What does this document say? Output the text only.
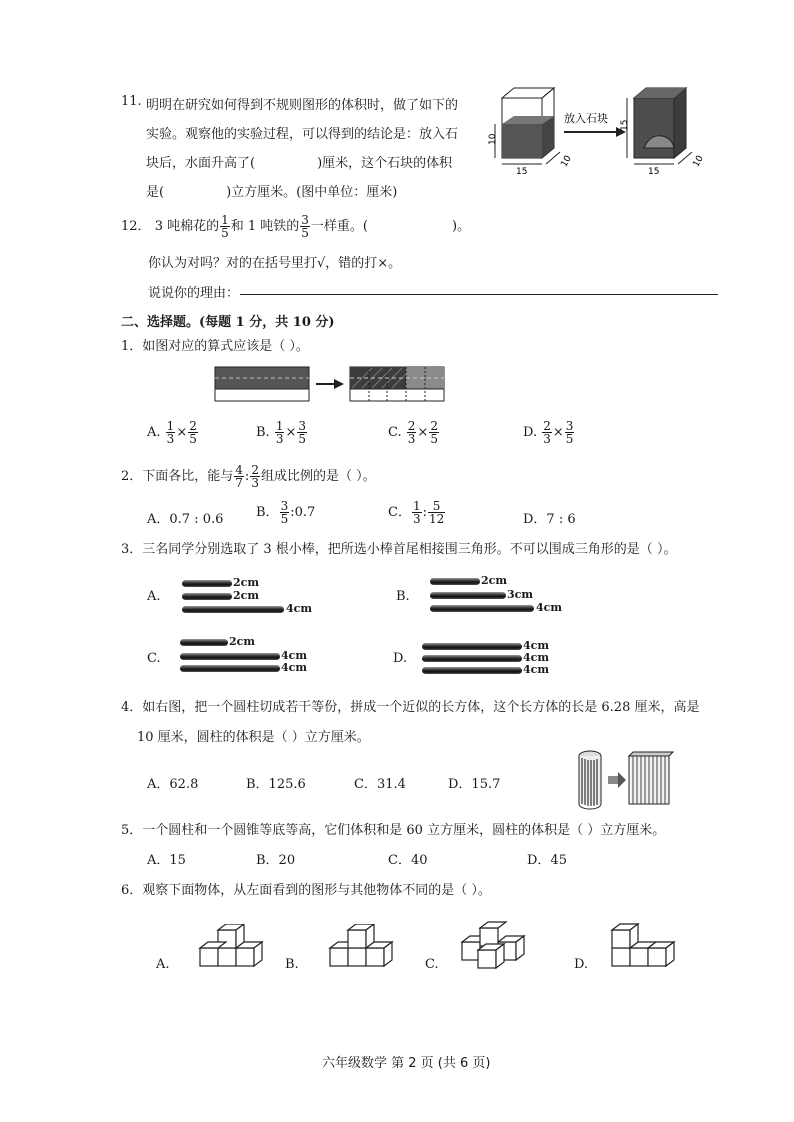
11. 明明在研究如何得到不规则图形的体积时，做了如下的
实验。观察他的实验过程，可以得到的结论是：放入石
块后，水面升高了(	)厘米，这个石块的体积
是(	)立方厘米。(图中单位：厘米)
10
15
10
放入石块
15
15
10
12． 3 吨棉花的 $\frac{1}{5}$ 和 1 吨铁的 $\frac{3}{5}$ 一样重。(	)。
你认为对吗？对的在括号里打√，错的打×。
说说你的理由：
二、选择题。(每题 1 分，共 10 分)
1．如图对应的算式应该是（ ）。
A. $\frac{1}{3} \times \frac{2}{5}$	B. $\frac{1}{3} \times \frac{3}{5}$	C. $\frac{2}{3} \times \frac{2}{5}$	D. $\frac{2}{3} \times \frac{3}{5}$
2．下面各比，能与 $\frac{4}{7}$ : $\frac{2}{3}$ 组成比例的是（ ）。
A．0.7 : 0.6	B． $\frac{3}{5}$ :0.7	C． $\frac{1}{3}$ : $\frac{5}{12}$	D．7 : 6
3．三名同学分别选取了 3 根小棒，把所选小棒首尾相接围三角形。不可以围成三角形的是（ ）。
A.
2cm
2cm
4cm
B.
2cm
3cm
4cm
C.
2cm
4cm
4cm
D.
4cm
4cm
4cm
4．如右图，把一个圆柱切成若干等份，拼成一个近似的长方体，这个长方体的长是 6.28 厘米，高是
10 厘米，圆柱的体积是（ ）立方厘米。
A．62.8	B．125.6	C．31.4	D．15.7
5．一个圆柱和一个圆锥等底等高，它们体积和是 60 立方厘米，圆柱的体积是（ ）立方厘米。
A．15	B．20	C．40	D．45
6．观察下面物体，从左面看到的图形与其他物体不同的是（ ）。
A.	B.	C.	D.
六年级数学 第 2 页 (共 6 页)
